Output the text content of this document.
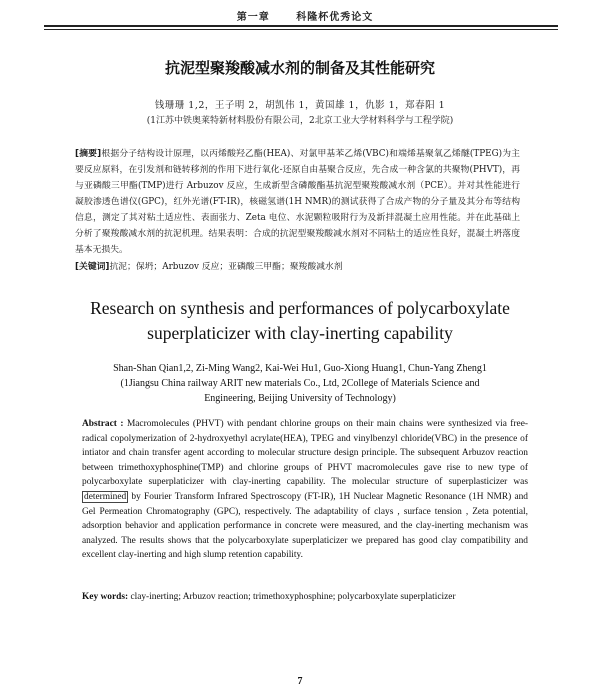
第一章	科隆杯优秀论文
抗泥型聚羧酸减水剂的制备及其性能研究
钱珊珊 1,2，王子明 2，胡凯伟 1，黄国雄 1，仇影 1，郑春阳 1
(1江苏中铁奥莱特新材料股份有限公司，2北京工业大学材料科学与工程学院)
[摘要]根据分子结构设计原理，以丙烯酸羟乙酯(HEA)、对氯甲基苯乙烯(VBC)和端烯基聚氧乙烯醚(TPEG)为主要反应原料，在引发剂和链转移剂的作用下进行氧化-还原自由基聚合反应，先合成一种含氯的共聚物(PHVT)，再与亚磷酸三甲酯(TMP)进行 Arbuzov 反应，生成新型含磷酸酯基抗泥型聚羧酸减水剂（PCE）。并对其性能进行凝胶渗透色谱仪(GPC)，红外光谱(FT-IR)，核磁氢谱(1H NMR)的测试获得了合成产物的分子量及其分布等结构信息，测定了其对粘土适应性、表面张力、Zeta 电位、水泥颗粒吸附行为及新拌混凝土应用性能。并在此基础上分析了聚羧酸减水剂的抗泥机理。结果表明：合成的抗泥型聚羧酸减水剂对不同粘土的适应性良好，混凝土坍落度基本无损失。
[关键词]抗泥；保坍；Arbuzov 反应；亚磷酸三甲酯；聚羧酸减水剂
Research on synthesis and performances of polycarboxylate
superplaticizer with clay-inerting capability
Shan-Shan Qian1,2, Zi-Ming Wang2, Kai-Wei Hu1, Guo-Xiong Huang1, Chun-Yang Zheng1
(1Jiangsu China railway ARIT new materials Co., Ltd, 2College of Materials Science and
Engineering, Beijing University of Technology)
Abstract : Macromolecules (PHVT) with pendant chlorine groups on their main chains were synthesized via free-radical copolymerization of 2-hydroxyethyl acrylate(HEA), TPEG and vinylbenzyl chloride(VBC) in the presence of intiator and chain transfer agent according to molecular structure design principle. The subsequent Arbuzov reaction between trimethoxyphosphine(TMP) and chlorine groups of PHVT macromolecules gave rise to new type of polycarboxylate superplaticizer with clay-inerting capability. The molecular structure of superplasticizer was determined by Fourier Transform Infrared Spectroscopy (FT-IR), 1H Nuclear Magnetic Resonance (1H NMR) and Gel Permeation Chromatography (GPC), respectively. The adaptability of clays , surface tension , Zeta potential, adsorption behavior and application performance in concrete were measured, and the clay-inerting mechanism was analyzed. The results shows that the polycarboxylate superplaticizer we prepared has good clay compatibility and excellent clay-inerting and high slump retention capability.
Key words: clay-inerting; Arbuzov reaction; trimethoxyphosphine; polycarboxylate superplaticizer
7
